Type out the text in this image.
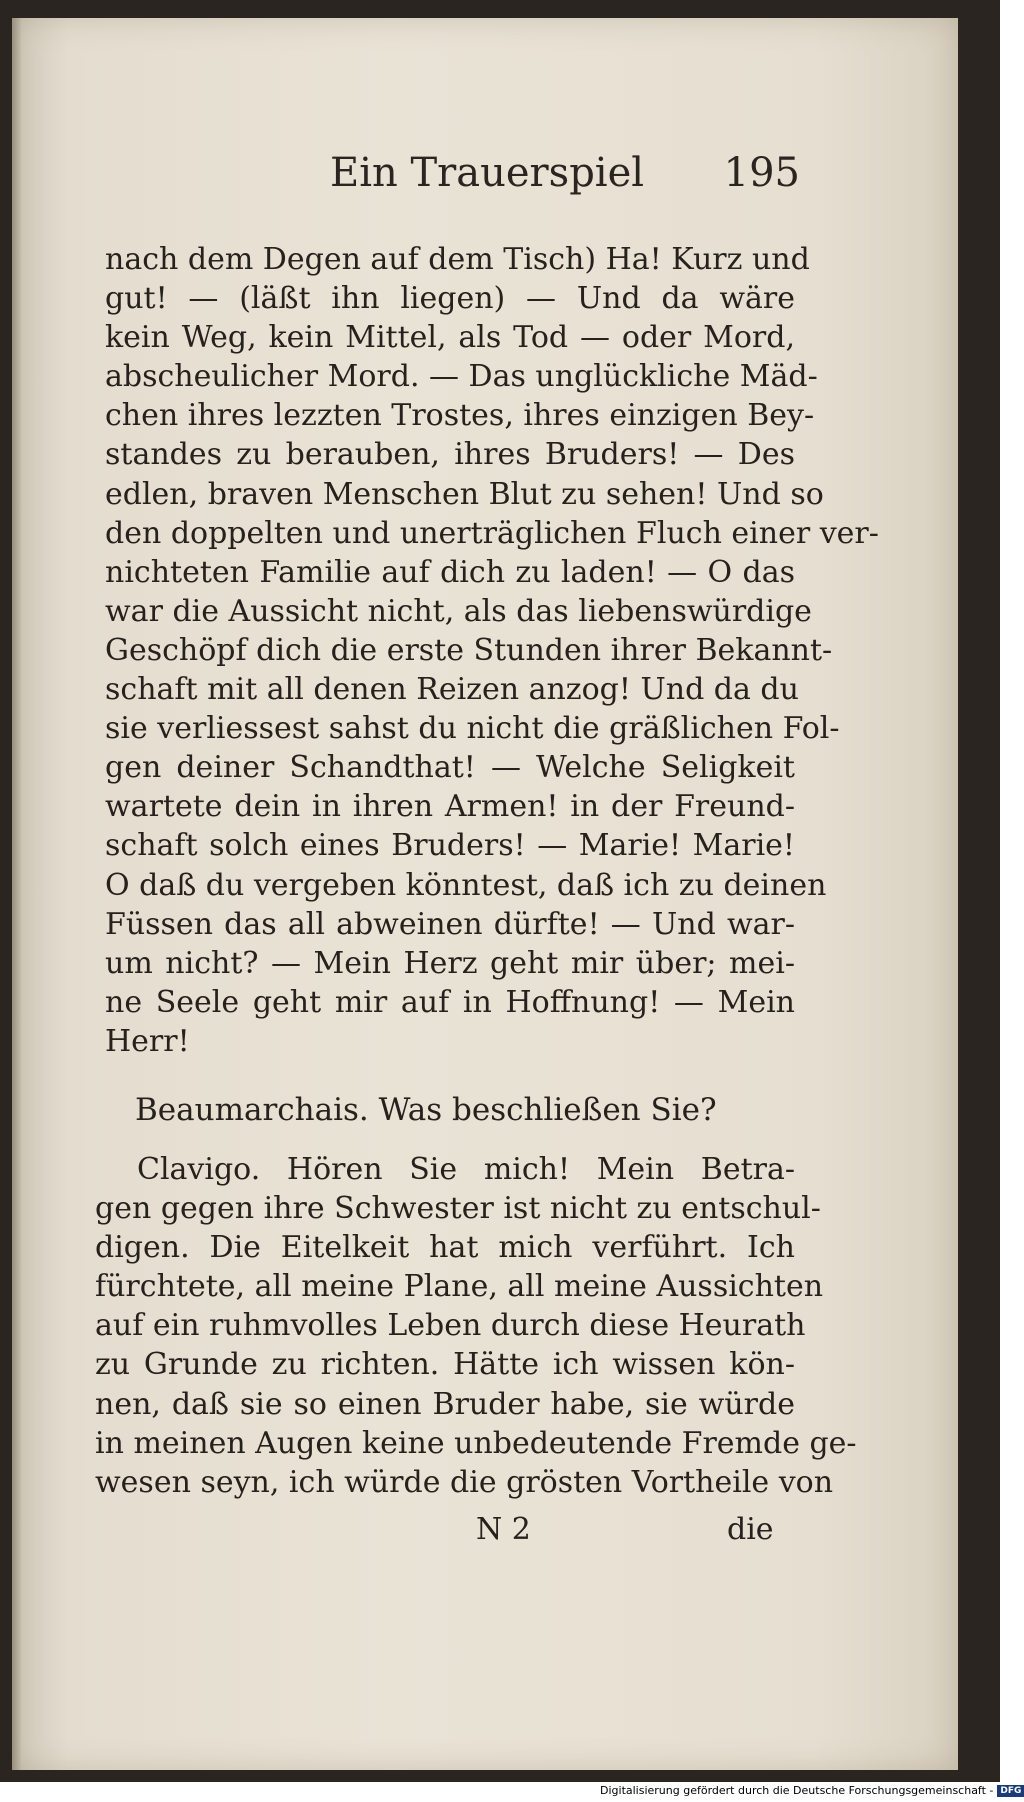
Ein Trauerspiel 195
nach dem Degen auf dem Tisch) Ha! Kurz und
gut! — (läßt ihn liegen) — Und da wäre
kein Weg, kein Mittel, als Tod — oder Mord,
abscheulicher Mord. — Das unglückliche Mäd-
chen ihres lezzten Trostes, ihres einzigen Bey-
standes zu berauben, ihres Bruders! — Des
edlen, braven Menschen Blut zu sehen! Und so
den doppelten und unerträglichen Fluch einer ver-
nichteten Familie auf dich zu laden! — O das
war die Aussicht nicht, als das liebenswürdige
Geschöpf dich die erste Stunden ihrer Bekannt-
schaft mit all denen Reizen anzog! Und da du
sie verliessest sahst du nicht die gräßlichen Fol-
gen deiner Schandthat! — Welche Seligkeit
wartete dein in ihren Armen! in der Freund-
schaft solch eines Bruders! — Marie! Marie!
O daß du vergeben könntest, daß ich zu deinen
Füssen das all abweinen dürfte! — Und war-
um nicht? — Mein Herz geht mir über; mei-
ne Seele geht mir auf in Hoffnung! — Mein
Herr!
Beaumarchais. Was beschließen Sie?
Clavigo. Hören Sie mich! Mein Betra-
gen gegen ihre Schwester ist nicht zu entschul-
digen. Die Eitelkeit hat mich verführt. Ich
fürchtete, all meine Plane, all meine Aussichten
auf ein ruhmvolles Leben durch diese Heurath
zu Grunde zu richten. Hätte ich wissen kön-
nen, daß sie so einen Bruder habe, sie würde
in meinen Augen keine unbedeutende Fremde ge-
wesen seyn, ich würde die grösten Vortheile von
N 2	die
Digitalisierung gefördert durch die Deutsche Forschungsgemeinschaft - DFG
